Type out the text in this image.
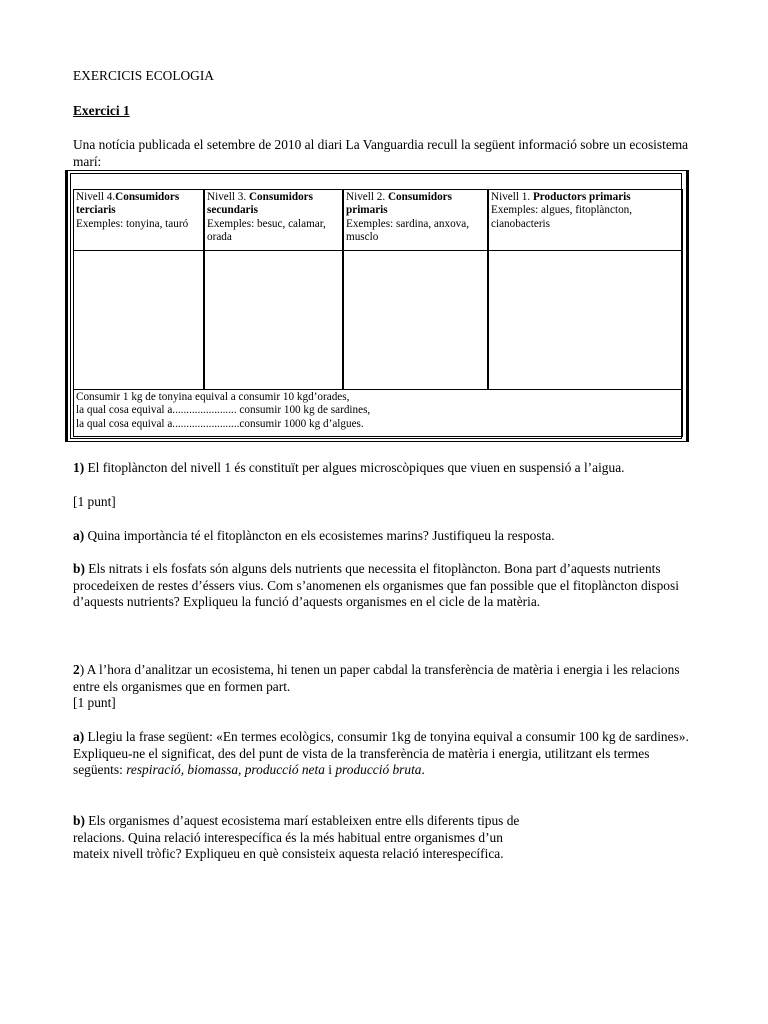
EXERCICIS ECOLOGIA

Exercici 1

Una notícia publicada el setembre de 2010 al diari La Vanguardia recull la següent informació sobre un ecosistema marí:

Nivell 4.Consumidors terciaris
Exemples: tonyina, tauró
Nivell 3. Consumidors secundaris
Exemples: besuc, calamar, orada
Nivell 2. Consumidors primaris
Exemples: sardina, anxova, musclo
Nivell 1. Productors primaris
Exemples: algues, fitoplàncton, cianobacteris
Consumir 1 kg de tonyina equival a consumir 10 kgd’orades,
la qual cosa equival a....................... consumir 100 kg de sardines,
la qual cosa equival a........................consumir 1000 kg d’algues.

1) El fitoplàncton del nivell 1 és constituït per algues microscòpiques que viuen en suspensió a l’aigua.

[1 punt]

a) Quina importància té el fitoplàncton en els ecosistemes marins? Justifiqueu la resposta.

b) Els nitrats i els fosfats són alguns dels nutrients que necessita el fitoplàncton. Bona part d’aquests nutrients procedeixen de restes d’éssers vius. Com s’anomenen els organismes que fan possible que el fitoplàncton disposi d’aquests nutrients? Expliqueu la funció d’aquests organismes en el cicle de la matèria.

2) A l’hora d’analitzar un ecosistema, hi tenen un paper cabdal la transferència de matèria i energia i les relacions entre els organismes que en formen part.

[1 punt]

a) Llegiu la frase següent: «En termes ecològics, consumir 1kg de tonyina equival a consumir 100 kg de sardines».
Expliqueu-ne el significat, des del punt de vista de la transferència de matèria i energia, utilitzant els termes següents: respiració, biomassa, producció neta i producció bruta.

b) Els organismes d’aquest ecosistema marí estableixen entre ells diferents tipus de
relacions. Quina relació interespecífica és la més habitual entre organismes d’un
mateix nivell tròfic? Expliqueu en què consisteix aquesta relació interespecífica.
